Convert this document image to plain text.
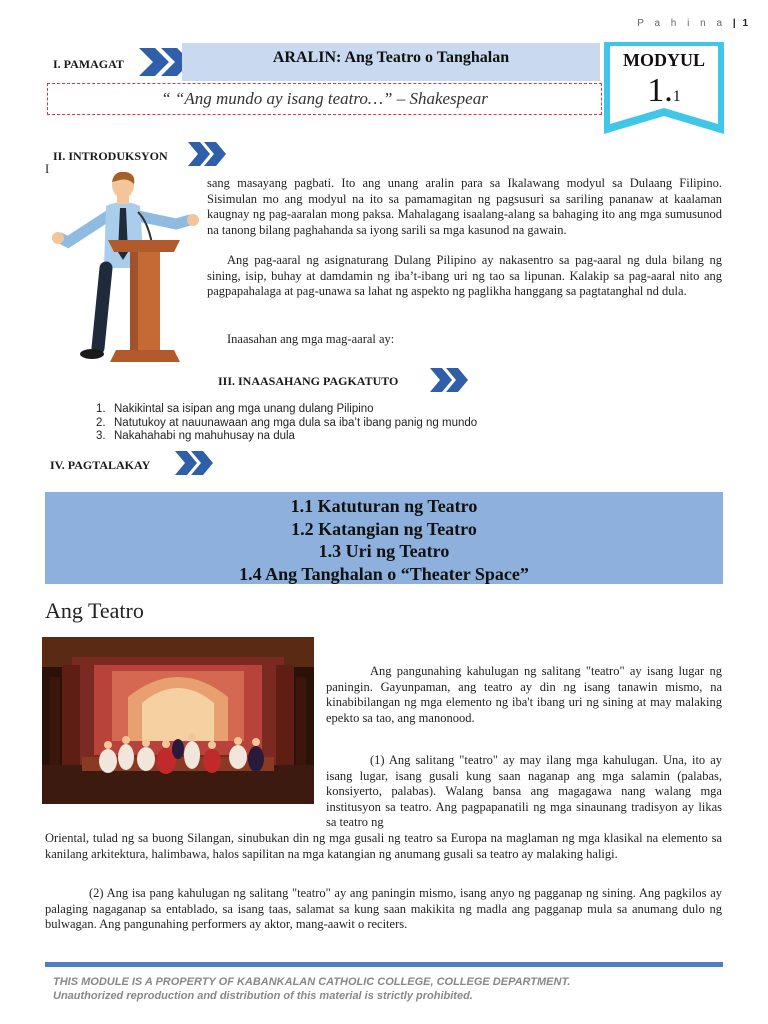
P a h i n a | 1
I. PAMAGAT	ARALIN: Ang Teatro o Tanghalan
“ “Ang mundo ay isang teatro…” – Shakespear
MODYUL
1.1
II. INTRODUKSYON
I
sang masayang pagbati. Ito ang unang aralin para sa Ikalawang modyul sa Dulaang Filipino. Sisimulan mo ang modyul na ito sa pamamagitan ng pagsusuri sa sariling pananaw at kaalaman kaugnay ng pag-aaralan mong paksa. Mahalagang isaalang-alang sa bahaging ito ang mga sumusunod na tanong bilang paghahanda sa iyong sarili sa mga kasunod na gawain.
Ang pag-aaral ng asignaturang Dulang Pilipino ay nakasentro sa pag-aaral ng dula bilang ng sining, isip, buhay at damdamin ng iba’t-ibang uri ng tao sa lipunan. Kalakip sa pag-aaral nito ang pagpapahalaga at pag-unawa sa lahat ng aspekto ng paglikha hanggang sa pagtatanghal nd dula.
Inaasahan ang mga mag-aaral ay:
III. INAASAHANG PAGKATUTO
1. Nakikintal sa isipan ang mga unang dulang Pilipino
2. Natutukoy at nauunawaan ang mga dula sa iba’t ibang panig ng mundo
3. Nakahahabi ng mahuhusay na dula
IV. PAGTALAKAY
1.1 Katuturan ng Teatro
1.2 Katangian ng Teatro
1.3 Uri ng Teatro
1.4 Ang Tanghalan o “Theater Space”
Ang Teatro
Ang pangunahing kahulugan ng salitang "teatro" ay isang lugar ng paningin. Gayunpaman, ang teatro ay din ng isang tanawin mismo, na kinabibilangan ng mga elemento ng iba't ibang uri ng sining at may malaking epekto sa tao, ang manonood.
(1) Ang salitang "teatro" ay may ilang mga kahulugan. Una, ito ay isang lugar, isang gusali kung saan naganap ang mga salamin (palabas, konsiyerto, palabas). Walang bansa ang magagawa nang walang mga institusyon sa teatro. Ang pagpapanatili ng mga sinaunang tradisyon ay likas sa teatro ng
Oriental, tulad ng sa buong Silangan, sinubukan din ng mga gusali ng teatro sa Europa na maglaman ng mga klasikal na elemento sa kanilang arkitektura, halimbawa, halos sapilitan na mga katangian ng anumang gusali sa teatro ay malaking haligi.
(2) Ang isa pang kahulugan ng salitang "teatro" ay ang paningin mismo, isang anyo ng pagganap ng sining. Ang pagkilos ay palaging nagaganap sa entablado, sa isang taas, salamat sa kung saan makikita ng madla ang pagganap mula sa anumang dulo ng bulwagan. Ang pangunahing performers ay aktor, mang-aawit o reciters.
THIS MODULE IS A PROPERTY OF KABANKALAN CATHOLIC COLLEGE, COLLEGE DEPARTMENT.
Unauthorized reproduction and distribution of this material is strictly prohibited.
